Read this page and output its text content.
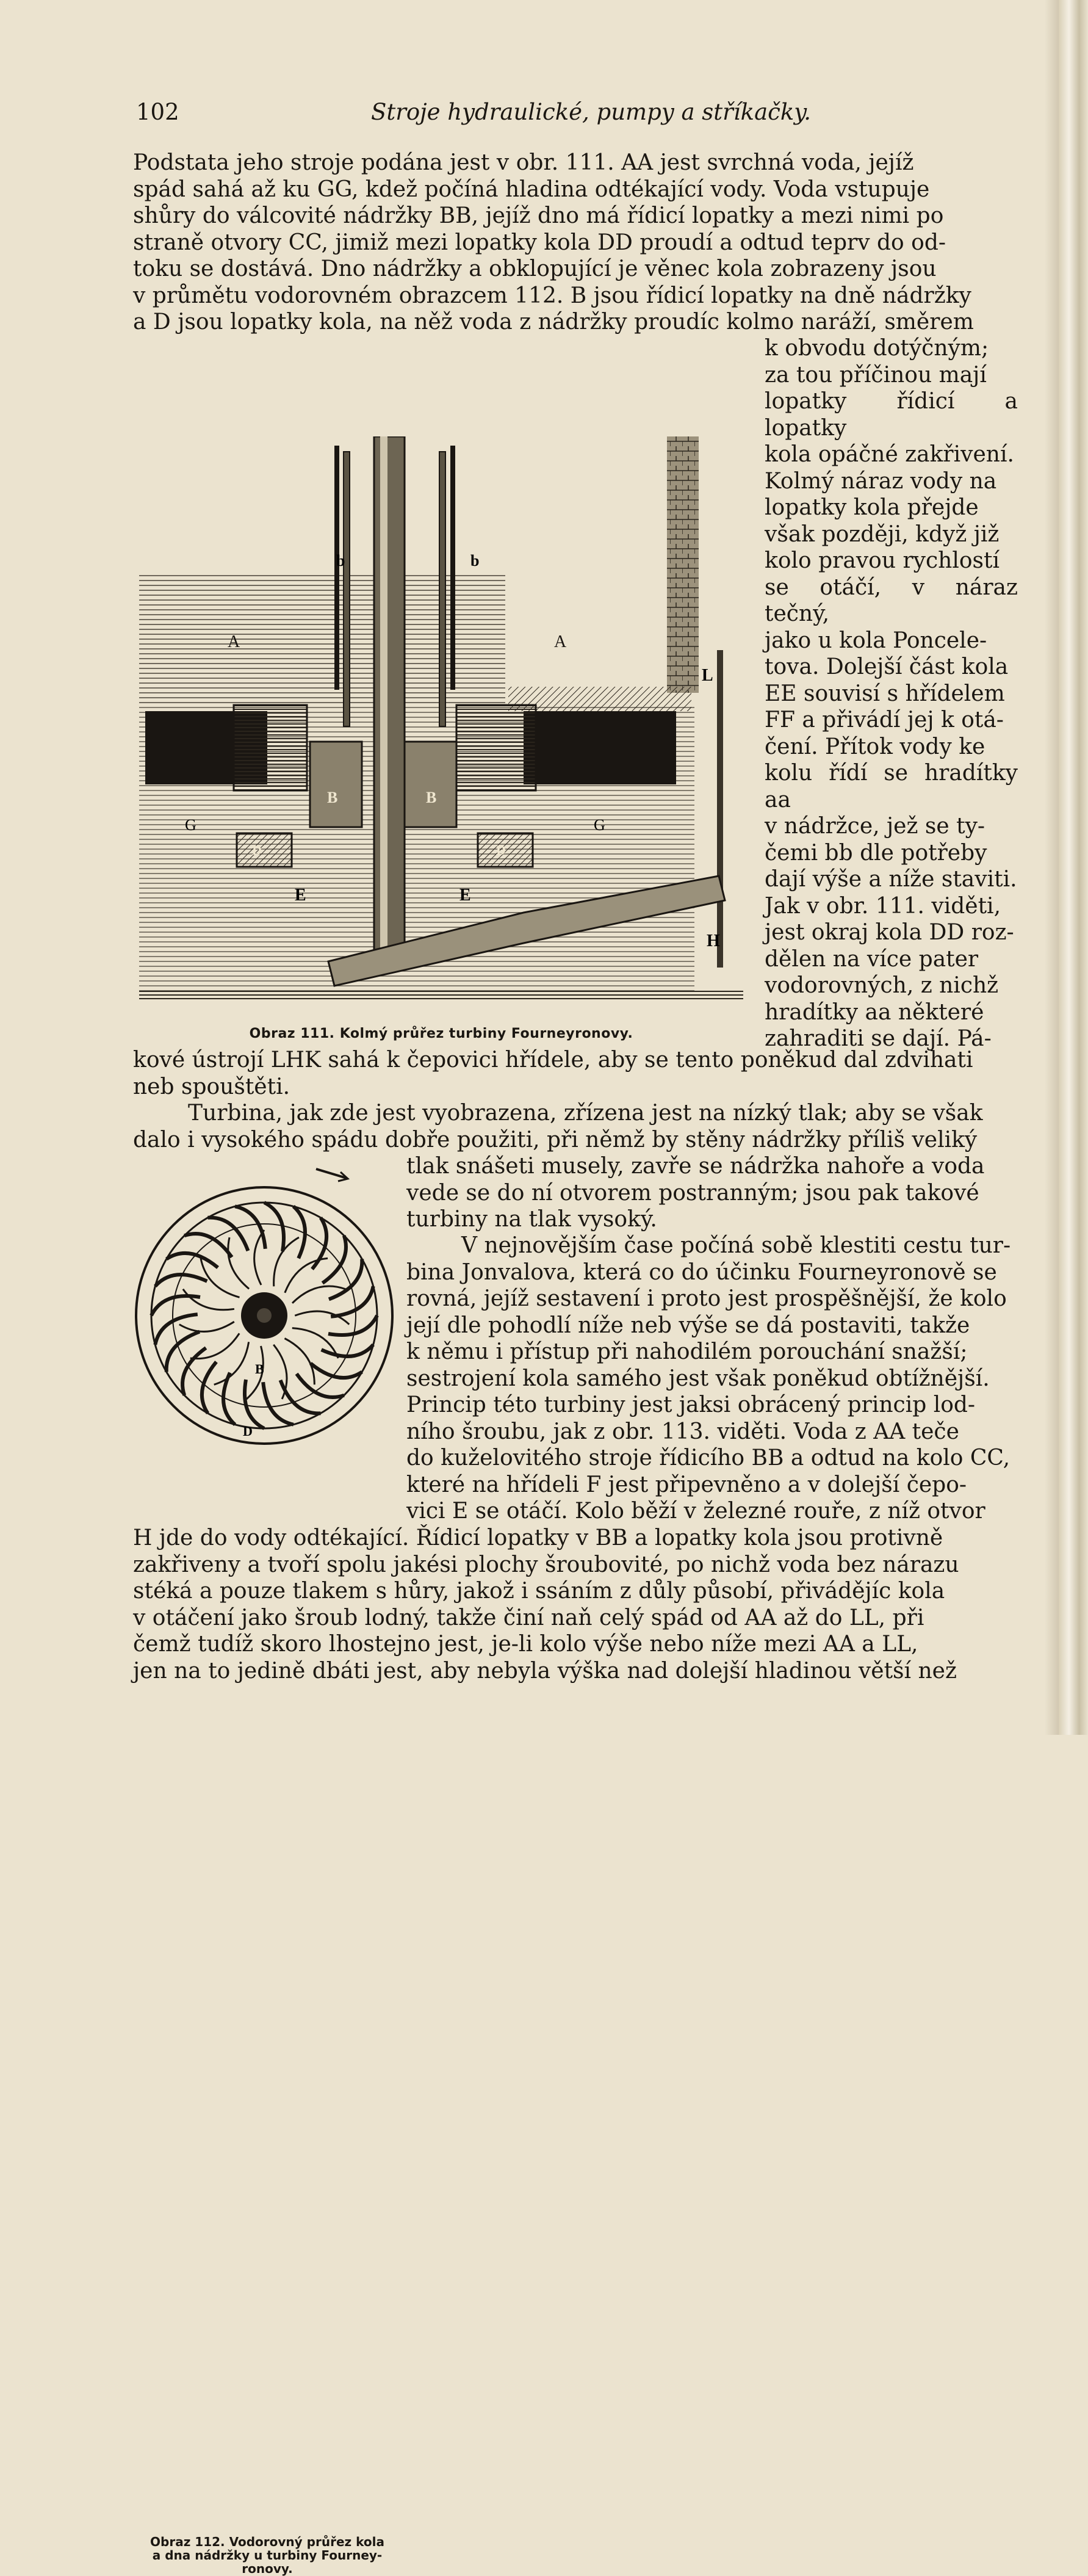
102	Stroje hydraulické, pumpy a stříkačky.

Podstata jeho stroje podána jest v obr. 111. AA jest svrchná voda, jejíž

spád sahá až ku GG, kdež počíná hladina odtékající vody. Voda vstupuje

shůry do válcovité nádržky BB, jejíž dno má řídicí lopatky a mezi nimi po

straně otvory CC, jimiž mezi lopatky kola DD proudí a odtud teprv do od-

toku se dostává. Dno nádržky a obklopující je věnec kola zobrazeny jsou

v průmětu vodorovném obrazcem 112. B jsou řídicí lopatky na dně nádržky

a D jsou lopatky kola, na něž voda z nádržky proudíc kolmo naráží, směrem

k obvodu dotýčným;

za tou příčinou mají

lopatky řídicí a lopatky

kola opáčné zakřivení.

Kolmý náraz vody na

lopatky kola přejde

však později, když již

kolo pravou rychlostí

se otáčí, v náraz tečný,

jako u kola Poncele-

tova. Dolejší část kola

EE souvisí s hřídelem

FF a přivádí jej k otá-

čení. Přítok vody ke

kolu řídí se hradítky aa

v nádržce, jež se ty-

čemi bb dle potřeby

dají výše a níže staviti.

Jak v obr. 111. viděti,

jest okraj kola DD roz-

dělen na více pater

vodorovných, z nichž

hradítky aa některé

zahraditi se dají. Pá-

b	b
A	A
L
B	B
G	G
D	D
E	E
H
Obraz 111. Kolmý průřez turbiny Fourneyronovy.

kové ústrojí LHK sahá k čepovici hřídele, aby se tento poněkud dal zdvihati

neb spouštěti.

Turbina, jak zde jest vyobrazena, zřízena jest na nízký tlak; aby se však

dalo i vysokého spádu dobře použiti, při němž by stěny nádržky příliš veliký

B
D
Obraz 112. Vodorovný průřez kola
a dna nádržky u turbiny Fourney-
ronovy.

tlak snášeti musely, zavře se nádržka nahoře a voda

vede se do ní otvorem postranným; jsou pak takové

turbiny na tlak vysoký.

V nejnovějším čase počíná sobě klestiti cestu tur-

bina Jonvalova, která co do účinku Fourneyronově se

rovná, jejíž sestavení i proto jest prospěšnější, že kolo

její dle pohodlí níže neb výše se dá postaviti, takže

k němu i přístup při nahodilém porouchání snažší;

sestrojení kola samého jest však poněkud obtížnější.

Princip této turbiny jest jaksi obrácený princip lod-

ního šroubu, jak z obr. 113. viděti. Voda z AA teče

do kuželovitého stroje řídicího BB a odtud na kolo CC,

které na hřídeli F jest připevněno a v dolejší čepo-

vici E se otáčí. Kolo běží v železné rouře, z níž otvor

H jde do vody odtékající. Řídicí lopatky v BB a lopatky kola jsou protivně

zakřiveny a tvoří spolu jakési plochy šroubovité, po nichž voda bez nárazu

stéká a pouze tlakem s hůry, jakož i ssáním z důly působí, přivádějíc kola

v otáčení jako šroub lodný, takže činí naň celý spád od AA až do LL, při

čemž tudíž skoro lhostejno jest, je-li kolo výše nebo níže mezi AA a LL,

jen na to jedině dbáti jest, aby nebyla výška nad dolejší hladinou větší než
